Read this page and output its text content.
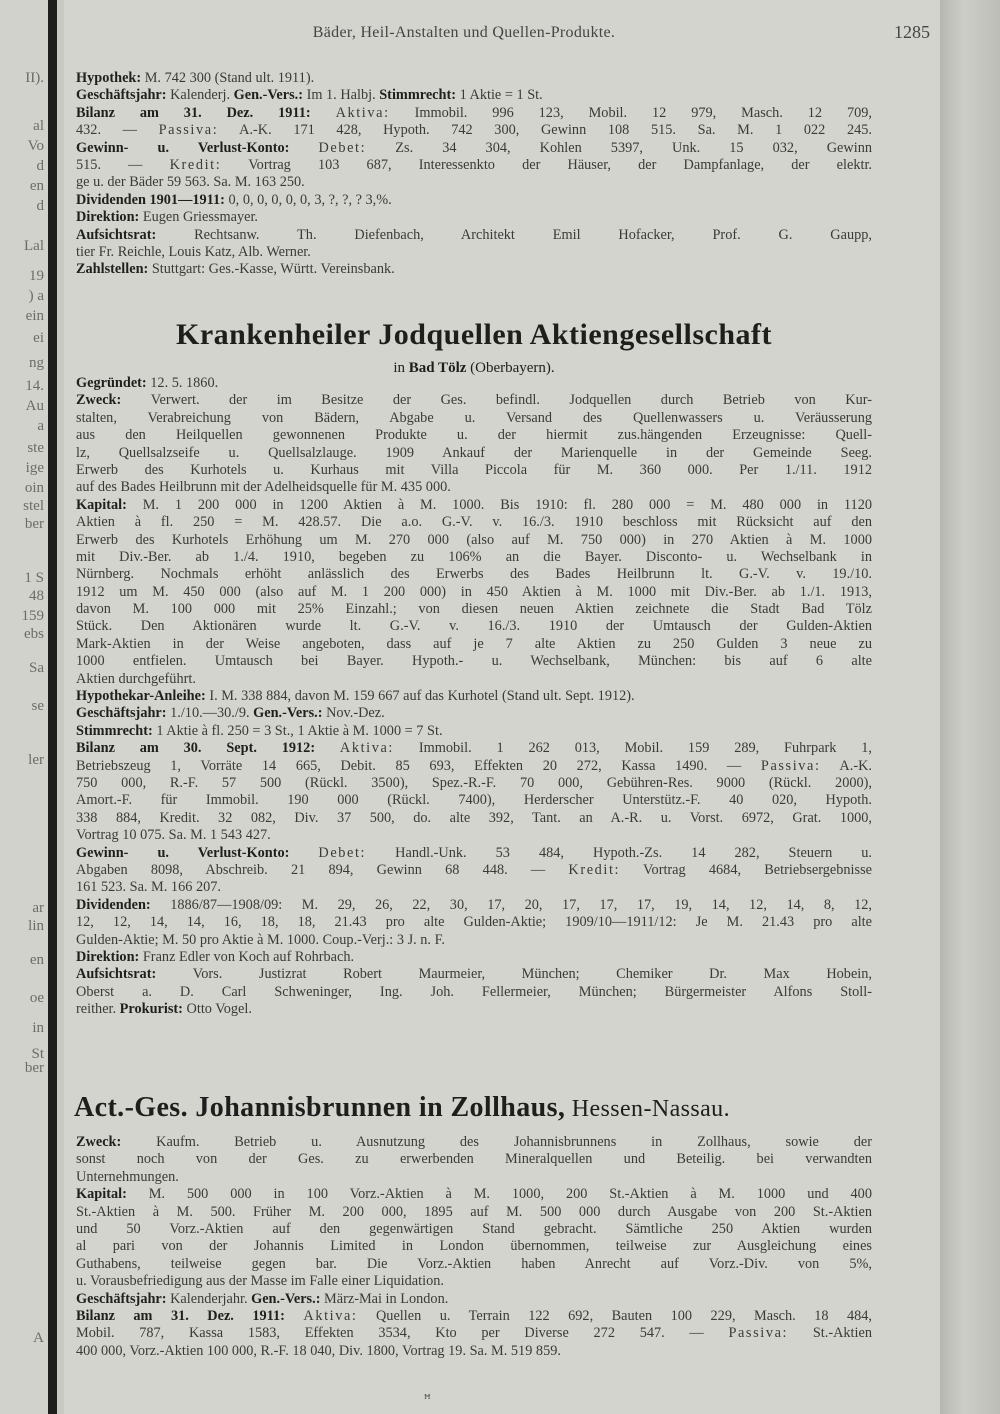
II).
al
Vo
d
en
d
Lal
19
) a
ein
ei
ng
14.
Au
a
ste
ige
oin
stel
ber
1 S
48
159
ebs
Sa
se
ler
ar
lin
en
oe
in
St
ber
A
Bäder, Heil-Anstalten und Quellen-Produkte.	1285
Hypothek: M. 742 300 (Stand ult. 1911).
Geschäftsjahr: Kalenderj. Gen.-Vers.: Im 1. Halbj. Stimmrecht: 1 Aktie = 1 St.
Bilanz am 31. Dez. 1911: Aktiva: Immobil. 996 123, Mobil. 12 979, Masch. 12 709,
432. — Passiva: A.-K. 171 428, Hypoth. 742 300, Gewinn 108 515. Sa. M. 1 022 245.
Gewinn- u. Verlust-Konto: Debet: Zs. 34 304, Kohlen 5397, Unk. 15 032, Gewinn
515. — Kredit: Vortrag 103 687, Interessenkto der Häuser, der Dampfanlage, der elektr.
ge u. der Bäder 59 563. Sa. M. 163 250.
Dividenden 1901—1911: 0, 0, 0, 0, 0, 0, 3, ?, ?, ? 3,%.
Direktion: Eugen Griessmayer.
Aufsichtsrat: Rechtsanw. Th. Diefenbach, Architekt Emil Hofacker, Prof. G. Gaupp,
tier Fr. Reichle, Louis Katz, Alb. Werner.
Zahlstellen: Stuttgart: Ges.-Kasse, Württ. Vereinsbank.
Krankenheiler Jodquellen Aktiengesellschaft
in Bad Tölz (Oberbayern).
Gegründet: 12. 5. 1860.
Zweck: Verwert. der im Besitze der Ges. befindl. Jodquellen durch Betrieb von Kur-
stalten, Verabreichung von Bädern, Abgabe u. Versand des Quellenwassers u. Veräusserung
aus den Heilquellen gewonnenen Produkte u. der hiermit zus.hängenden Erzeugnisse: Quell-
lz, Quellsalzseife u. Quellsalzlauge. 1909 Ankauf der Marienquelle in der Gemeinde Seeg.
Erwerb des Kurhotels u. Kurhaus mit Villa Piccola für M. 360 000. Per 1./11. 1912
auf des Bades Heilbrunn mit der Adelheidsquelle für M. 435 000.
Kapital: M. 1 200 000 in 1200 Aktien à M. 1000. Bis 1910: fl. 280 000 = M. 480 000 in 1120
Aktien à fl. 250 = M. 428.57. Die a.o. G.-V. v. 16./3. 1910 beschloss mit Rücksicht auf den
Erwerb des Kurhotels Erhöhung um M. 270 000 (also auf M. 750 000) in 270 Aktien à M. 1000
mit Div.-Ber. ab 1./4. 1910, begeben zu 106% an die Bayer. Disconto- u. Wechselbank in
Nürnberg. Nochmals erhöht anlässlich des Erwerbs des Bades Heilbrunn lt. G.-V. v. 19./10.
1912 um M. 450 000 (also auf M. 1 200 000) in 450 Aktien à M. 1000 mit Div.-Ber. ab 1./1. 1913,
davon M. 100 000 mit 25% Einzahl.; von diesen neuen Aktien zeichnete die Stadt Bad Tölz
Stück. Den Aktionären wurde lt. G.-V. v. 16./3. 1910 der Umtausch der Gulden-Aktien
Mark-Aktien in der Weise angeboten, dass auf je 7 alte Aktien zu 250 Gulden 3 neue zu
1000 entfielen. Umtausch bei Bayer. Hypoth.- u. Wechselbank, München: bis auf 6 alte
Aktien durchgeführt.
Hypothekar-Anleihe: I. M. 338 884, davon M. 159 667 auf das Kurhotel (Stand ult. Sept. 1912).
Geschäftsjahr: 1./10.—30./9. Gen.-Vers.: Nov.-Dez.
Stimmrecht: 1 Aktie à fl. 250 = 3 St., 1 Aktie à M. 1000 = 7 St.
Bilanz am 30. Sept. 1912: Aktiva: Immobil. 1 262 013, Mobil. 159 289, Fuhrpark 1,
Betriebszeug 1, Vorräte 14 665, Debit. 85 693, Effekten 20 272, Kassa 1490. — Passiva: A.-K.
750 000, R.-F. 57 500 (Rückl. 3500), Spez.-R.-F. 70 000, Gebühren-Res. 9000 (Rückl. 2000),
Amort.-F. für Immobil. 190 000 (Rückl. 7400), Herderscher Unterstütz.-F. 40 020, Hypoth.
338 884, Kredit. 32 082, Div. 37 500, do. alte 392, Tant. an A.-R. u. Vorst. 6972, Grat. 1000,
Vortrag 10 075. Sa. M. 1 543 427.
Gewinn- u. Verlust-Konto: Debet: Handl.-Unk. 53 484, Hypoth.-Zs. 14 282, Steuern u.
Abgaben 8098, Abschreib. 21 894, Gewinn 68 448. — Kredit: Vortrag 4684, Betriebsergebnisse
161 523. Sa. M. 166 207.
Dividenden: 1886/87—1908/09: M. 29, 26, 22, 30, 17, 20, 17, 17, 17, 19, 14, 12, 14, 8, 12,
12, 12, 14, 14, 16, 18, 18, 21.43 pro alte Gulden-Aktie; 1909/10—1911/12: Je M. 21.43 pro alte
Gulden-Aktie; M. 50 pro Aktie à M. 1000. Coup.-Verj.: 3 J. n. F.
Direktion: Franz Edler von Koch auf Rohrbach.
Aufsichtsrat: Vors. Justizrat Robert Maurmeier, München; Chemiker Dr. Max Hobein,
Oberst a. D. Carl Schweninger, Ing. Joh. Fellermeier, München; Bürgermeister Alfons Stoll-
reither. Prokurist: Otto Vogel.
Act.-Ges. Johannisbrunnen in Zollhaus, Hessen-Nassau.
Zweck: Kaufm. Betrieb u. Ausnutzung des Johannisbrunnens in Zollhaus, sowie der
sonst noch von der Ges. zu erwerbenden Mineralquellen und Beteilig. bei verwandten
Unternehmungen.
Kapital: M. 500 000 in 100 Vorz.-Aktien à M. 1000, 200 St.-Aktien à M. 1000 und 400
St.-Aktien à M. 500. Früher M. 200 000, 1895 auf M. 500 000 durch Ausgabe von 200 St.-Aktien
und 50 Vorz.-Aktien auf den gegenwärtigen Stand gebracht. Sämtliche 250 Aktien wurden
al pari von der Johannis Limited in London übernommen, teilweise zur Ausgleichung eines
Guthabens, teilweise gegen bar. Die Vorz.-Aktien haben Anrecht auf Vorz.-Div. von 5%,
u. Vorausbefriedigung aus der Masse im Falle einer Liquidation.
Geschäftsjahr: Kalenderjahr. Gen.-Vers.: März-Mai in London.
Bilanz am 31. Dez. 1911: Aktiva: Quellen u. Terrain 122 692, Bauten 100 229, Masch. 18 484,
Mobil. 787, Kassa 1583, Effekten 3534, Kto per Diverse 272 547. — Passiva: St.-Aktien
400 000, Vorz.-Aktien 100 000, R.-F. 18 040, Div. 1800, Vortrag 19. Sa. M. 519 859.
ꟸ
